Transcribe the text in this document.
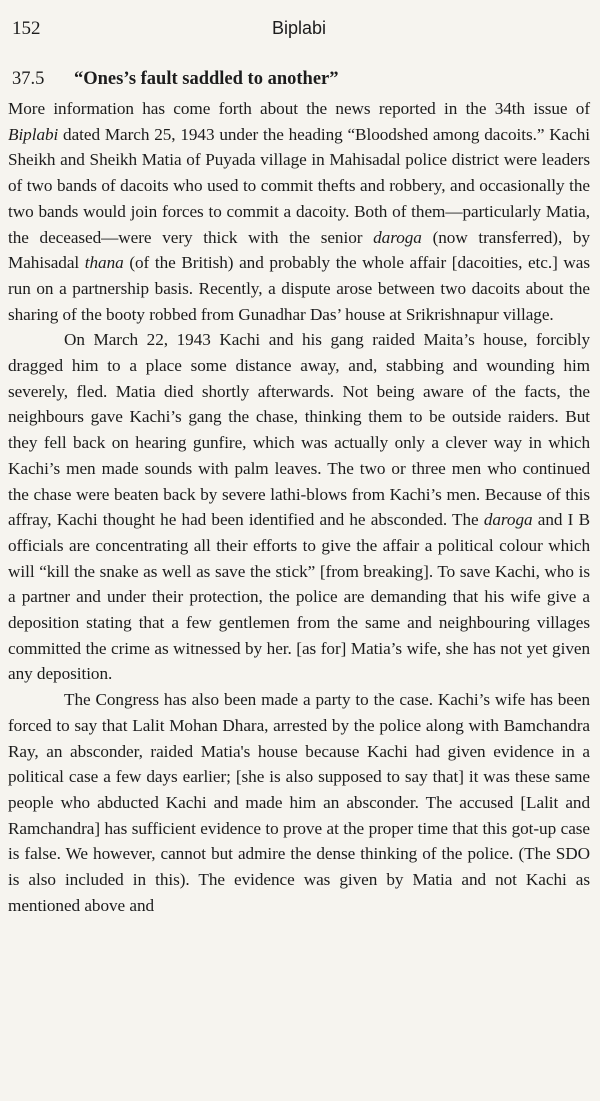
152	Biplabi
37.5 “Ones’s fault saddled to another”

More information has come forth about the news reported in the 34th issue of Biplabi dated March 25, 1943 under the heading “Bloodshed among dacoits.” Kachi Sheikh and Sheikh Matia of Puyada village in Mahisadal police district were leaders of two bands of dacoits who used to commit thefts and robbery, and occasionally the two bands would join forces to commit a dacoity. Both of them—particularly Matia, the deceased—were very thick with the senior daroga (now transferred), by Mahisadal thana (of the British) and probably the whole affair [dacoities, etc.] was run on a partnership basis. Recently, a dispute arose between two dacoits about the sharing of the booty robbed from Gunadhar Das’ house at Srikrishnapur village.

On March 22, 1943 Kachi and his gang raided Maita’s house, forcibly dragged him to a place some distance away, and, stabbing and wounding him severely, fled. Matia died shortly afterwards. Not being aware of the facts, the neighbours gave Kachi’s gang the chase, thinking them to be outside raiders. But they fell back on hearing gunfire, which was actually only a clever way in which Kachi’s men made sounds with palm leaves. The two or three men who continued the chase were beaten back by severe lathi-blows from Kachi’s men. Because of this affray, Kachi thought he had been identified and he absconded. The daroga and I B officials are concentrating all their efforts to give the affair a political colour which will “kill the snake as well as save the stick” [from breaking]. To save Kachi, who is a partner and under their protection, the police are demanding that his wife give a deposition stating that a few gentlemen from the same and neighbouring villages committed the crime as witnessed by her. [as for] Matia’s wife, she has not yet given any deposition.

The Congress has also been made a party to the case. Kachi’s wife has been forced to say that Lalit Mohan Dhara, arrested by the police along with Bamchandra Ray, an absconder, raided Matia's house because Kachi had given evidence in a political case a few days earlier; [she is also supposed to say that] it was these same people who abducted Kachi and made him an absconder. The accused [Lalit and Ramchandra] has sufficient evidence to prove at the proper time that this got-up case is false. We however, cannot but admire the dense thinking of the police. (The SDO is also included in this). The evidence was given by Matia and not Kachi as mentioned above and
